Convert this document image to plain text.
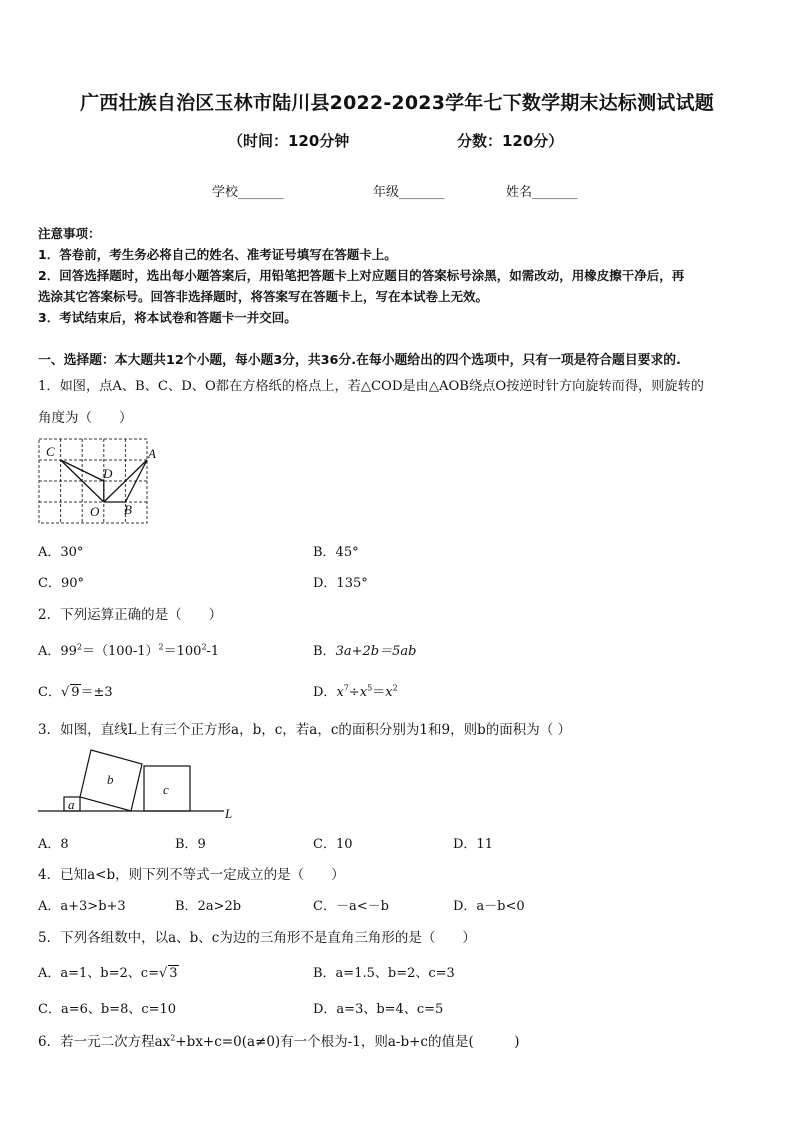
广西壮族自治区玉林市陆川县2022-2023学年七下数学期末达标测试试题
（时间：120分钟	分数：120分）
学校_______	年级_______	姓名_______
注意事项：
1．答卷前，考生务必将自己的姓名、准考证号填写在答题卡上。
2．回答选择题时，选出每小题答案后，用铅笔把答题卡上对应题目的答案标号涂黑，如需改动，用橡皮擦干净后，再
选涂其它答案标号。回答非选择题时，将答案写在答题卡上，写在本试卷上无效。
3．考试结束后，将本试卷和答题卡一并交回。
一、选择题：本大题共12个小题，每小题3分，共36分.在每小题给出的四个选项中，只有一项是符合题目要求的.
1．如图，点A、B、C、D、O都在方格纸的格点上，若△COD是由△AOB绕点O按逆时针方向旋转而得，则旋转的
角度为（　　）
C
D
A
O B
A．30°	B．45°
C．90°	D．135°
2．下列运算正确的是（　　）
A．$99^2=(100-1)^2=100^2-1$	B．3a+2b＝5ab
C．√ 9＝±3	D．$x^7\div x^5=x^2$
3．如图，直线L上有三个正方形a，b，c，若a，c的面积分别为1和9，则b的面积为（ ）
a
b
c
L
A．8	B．9	C．10	D．11
4．已知a<b，则下列不等式一定成立的是（　　）
A．a+3>b+3	B．2a>2b	C．－a<－b	D．a－b<0
5．下列各组数中，以a、b、c为边的三角形不是直角三角形的是（　　）
A．a=1、b=2、c=√ 3	B．a=1.5、b=2、c=3
C．a=6、b=8、c=10	D．a=3、b=4、c=5
6．若一元二次方程$ax^2+bx+c=0(a\ne 0)$有一个根为-1，则a-b+c的值是(　　　)
